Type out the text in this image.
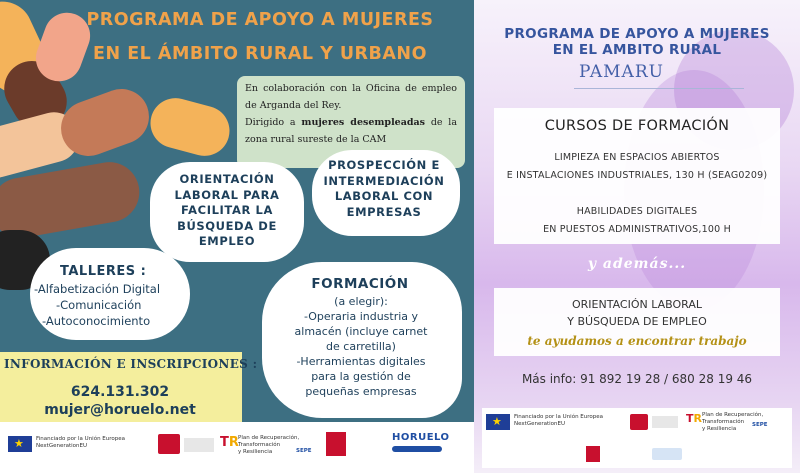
PROGRAMA DE APOYO A MUJERES
EN EL ÁMBITO RURAL Y URBANO
En colaboración con la Oficina de empleo de Arganda del Rey.
Dirigido a mujeres desempleadas de la zona rural sureste de la CAM
ORIENTACIÓN
LABORAL PARA
FACILITAR LA
BÚSQUEDA DE
EMPLEO
PROSPECCIÓN E
INTERMEDIACIÓN
LABORAL CON
EMPRESAS
TALLERES :
-Alfabetización Digital
-Comunicación
-Autoconocimiento
FORMACIÓN
(a elegir):
-Operaria industria y
almacén (incluye carnet
de carretilla)
-Herramientas digitales
para la gestión de
pequeñas empresas
INFORMACIÓN E INSCRIPCIONES :
624.131.302
mujer@horuelo.net
★
Financiado por la Unión Europea
NextGenerationEU	TR Plan de Recuperación,
Transformación
y Resiliencia	SEPE
HORUELO
PROGRAMA DE APOYO A MUJERES
EN EL AMBITO RURAL
PAMARU
CURSOS DE FORMACIÓN
LIMPIEZA EN ESPACIOS ABIERTOS
E INSTALACIONES INDUSTRIALES, 130 H (SEAG0209)
HABILIDADES DIGITALES
EN PUESTOS ADMINISTRATIVOS,100 H
y además...
ORIENTACIÓN LABORAL
Y BÚSQUEDA DE EMPLEO
te ayudamos a encontrar trabajo
Más info: 91 892 19 28 / 680 28 19 46
★
Financiado por la Unión Europea
NextGenerationEU	TR Plan de Recuperación,
Transformación
y Resiliencia
SEPE
